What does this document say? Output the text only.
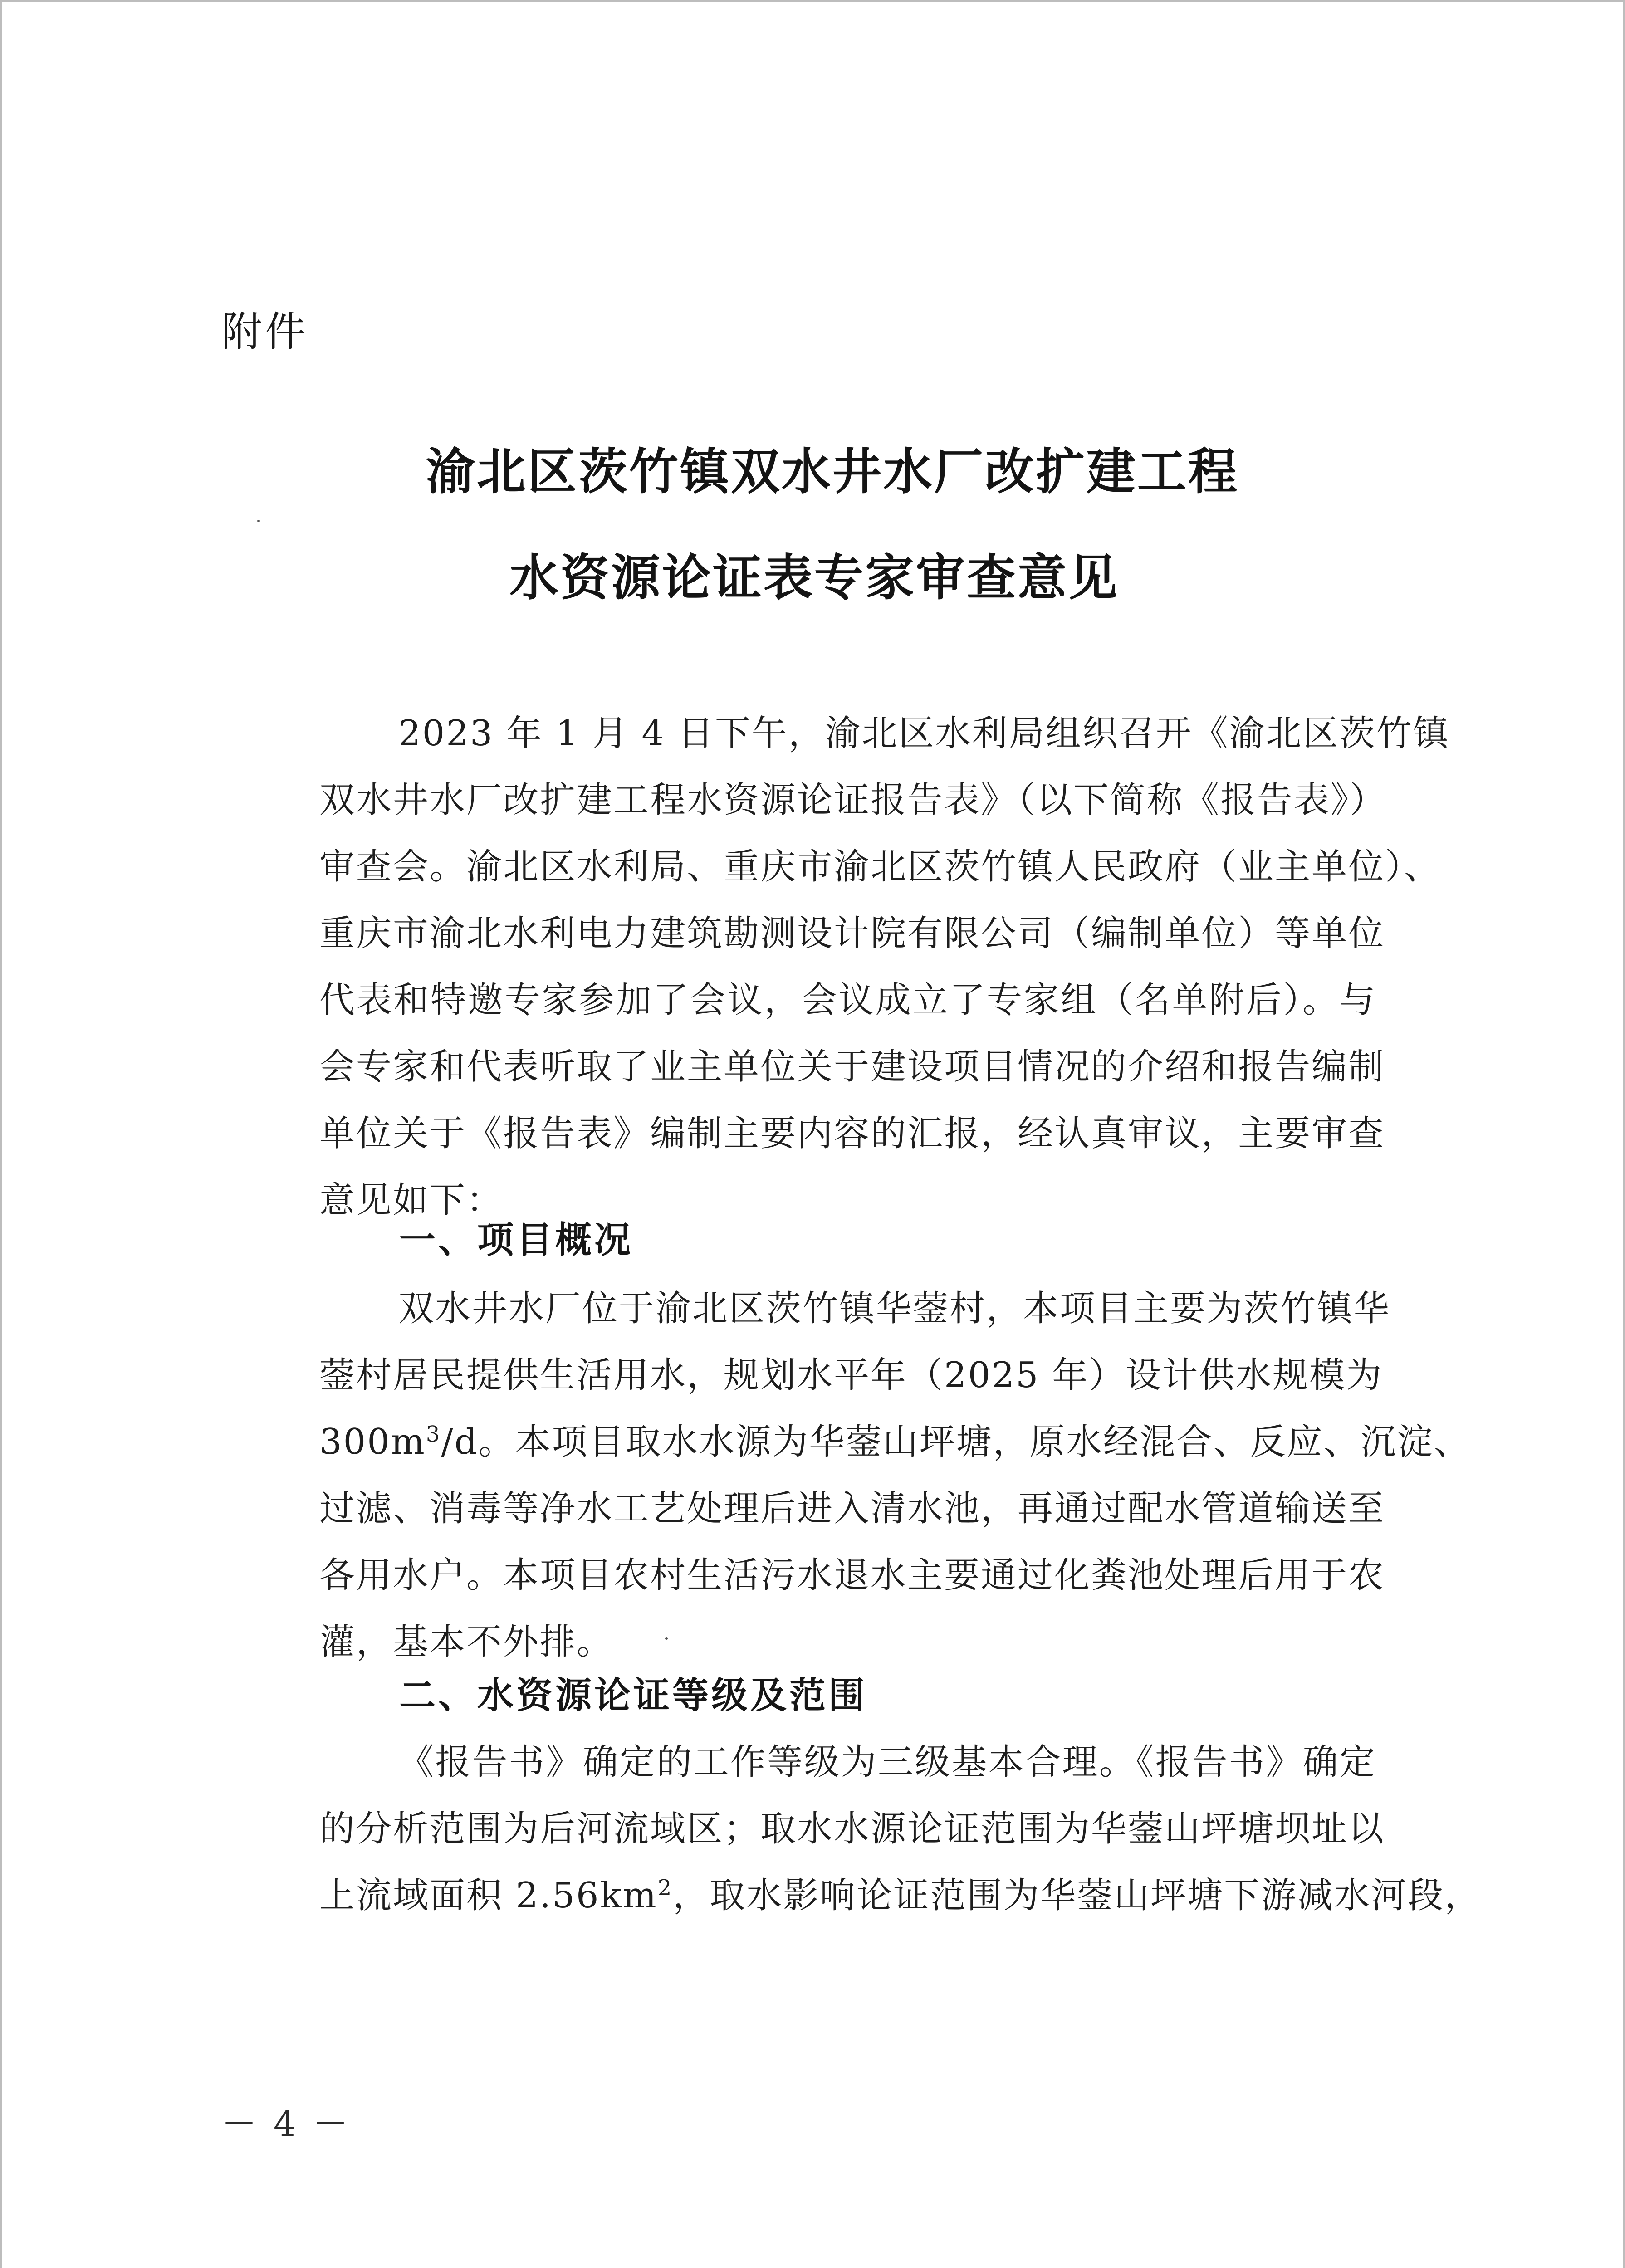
附件
渝北区茨竹镇双水井水厂改扩建工程
水资源论证表专家审查意见
2023 年 1 月 4 日下午，渝北区水利局组织召开《渝北区茨竹镇
双水井水厂改扩建工程水资源论证报告表》（以下简称《报告表》）
审查会。渝北区水利局、重庆市渝北区茨竹镇人民政府（业主单位）、
重庆市渝北水利电力建筑勘测设计院有限公司（编制单位）等单位
代表和特邀专家参加了会议，会议成立了专家组（名单附后）。与
会专家和代表听取了业主单位关于建设项目情况的介绍和报告编制
单位关于《报告表》编制主要内容的汇报，经认真审议，主要审查
意见如下：
一、项目概况
双水井水厂位于渝北区茨竹镇华蓥村，本项目主要为茨竹镇华
蓥村居民提供生活用水，规划水平年（2025 年）设计供水规模为
$300m^3/d$。本项目取水水源为华蓥山坪塘，原水经混合、反应、沉淀、
过滤、消毒等净水工艺处理后进入清水池，再通过配水管道输送至
各用水户。本项目农村生活污水退水主要通过化粪池处理后用于农
灌，基本不外排。
二、水资源论证等级及范围
《报告书》确定的工作等级为三级基本合理。《报告书》确定
的分析范围为后河流域区；取水水源论证范围为华蓥山坪塘坝址以
上流域面积 $2.56km^2$，取水影响论证范围为华蓥山坪塘下游减水河段，
－ 4 －
